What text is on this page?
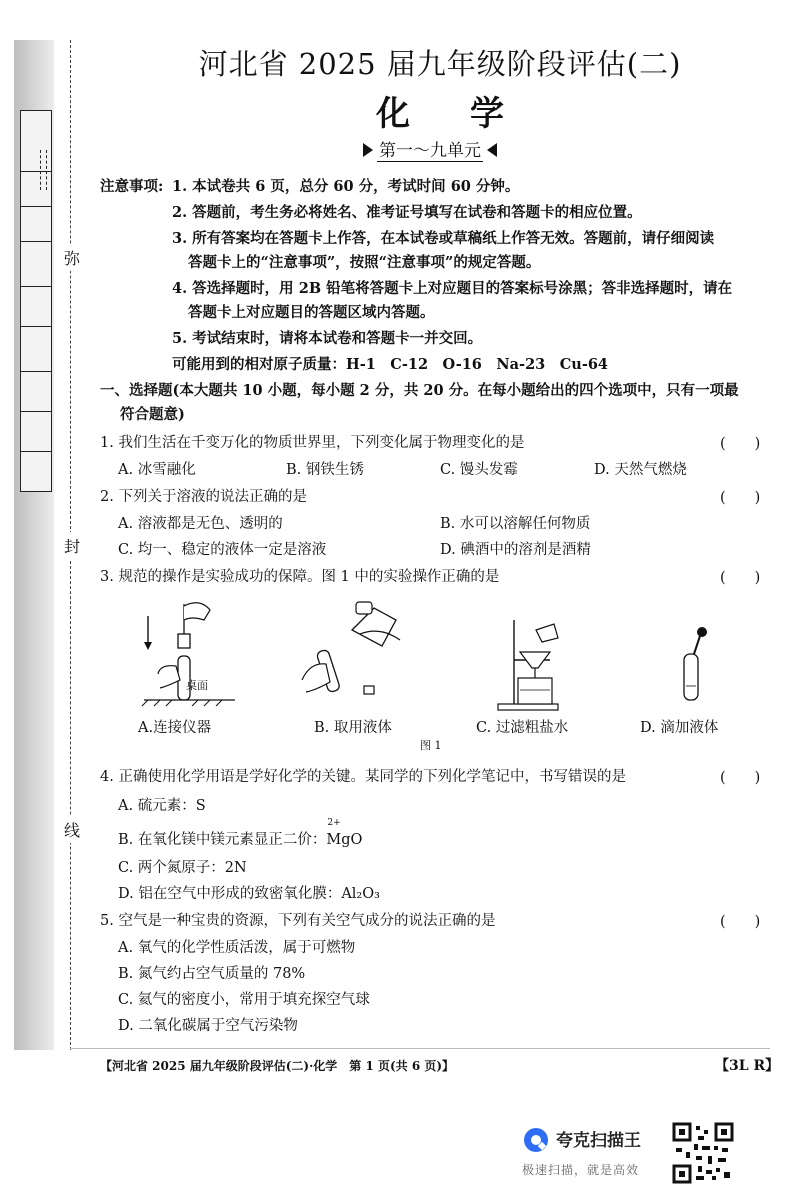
弥
封
线
河北省 2025 届九年级阶段评估(二)
化学
第一～九单元
注意事项: 1. 本试卷共 6 页，总分 60 分，考试时间 60 分钟。
2. 答题前，考生务必将姓名、准考证号填写在试卷和答题卡的相应位置。
3. 所有答案均在答题卡上作答，在本试卷或草稿纸上作答无效。答题前，请仔细阅读
答题卡上的“注意事项”，按照“注意事项”的规定答题。
4. 答选择题时，用 2B 铅笔将答题卡上对应题目的答案标号涂黑；答非选择题时，请在
答题卡上对应题目的答题区域内答题。
5. 考试结束时，请将本试卷和答题卡一并交回。
可能用到的相对原子质量：H-1　C-12　O-16　Na-23　Cu-64
一、选择题(本大题共 10 小题，每小题 2 分，共 20 分。在每小题给出的四个选项中，只有一项最
符合题意)
1. 我们生活在千变万化的物质世界里，下列变化属于物理变化的是	(　　)
A. 冰雪融化	B. 钢铁生锈	C. 馒头发霉	D. 天然气燃烧
2. 下列关于溶液的说法正确的是	(　　)
A. 溶液都是无色、透明的	B. 水可以溶解任何物质
C. 均一、稳定的液体一定是溶液	D. 碘酒中的溶剂是酒精
3. 规范的操作是实验成功的保障。图 1 中的实验操作正确的是	(　　)
桌面
A.连接仪器	B. 取用液体	C. 过滤粗盐水	D. 滴加液体
图 1
4. 正确使用化学用语是学好化学的关键。某同学的下列化学笔记中，书写错误的是	(　　)
A. 硫元素：S
B. 在氧化镁中镁元素显正二价：
2+
MgO
C. 两个氮原子：2N
D. 铝在空气中形成的致密氧化膜：Al₂O₃
5. 空气是一种宝贵的资源，下列有关空气成分的说法正确的是	(　　)
A. 氧气的化学性质活泼，属于可燃物
B. 氮气约占空气质量的 78%
C. 氦气的密度小，常用于填充探空气球
D. 二氧化碳属于空气污染物
【河北省 2025 届九年级阶段评估(二)·化学　第 1 页(共 6 页)】	【3L R】
夸克扫描王
极速扫描，就是高效
